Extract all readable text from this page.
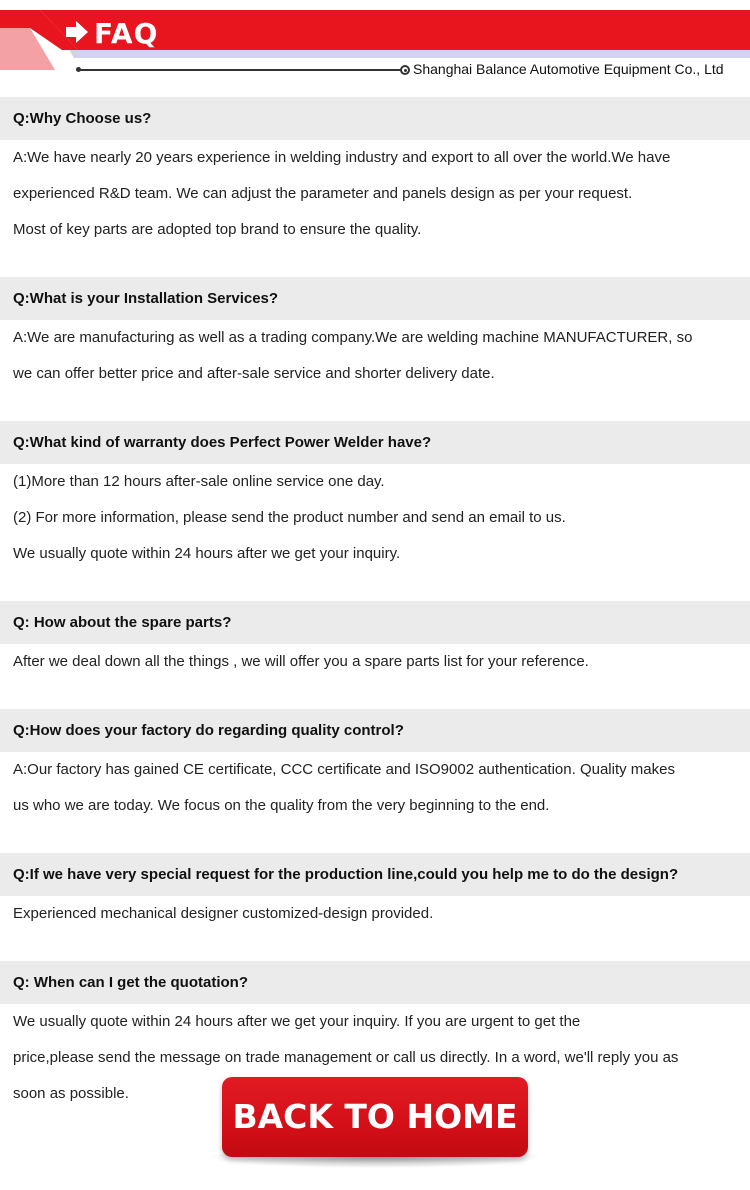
FAQ
Shanghai Balance Automotive Equipment Co., Ltd
Q:Why Choose us?

A:We have nearly 20 years experience in welding industry and export to all over the world.We have

experienced R&D team. We can adjust the parameter and panels design as per your request.

Most of key parts are adopted top brand to ensure the quality.

Q:What is your Installation Services?

A:We are manufacturing as well as a trading company.We are welding machine MANUFACTURER, so

we can offer better price and after-sale service and shorter delivery date.

Q:What kind of warranty does Perfect Power Welder have?

(1)More than 12 hours after-sale online service one day.

(2) For more information, please send the product number and send an email to us.

We usually quote within 24 hours after we get your inquiry.

Q: How about the spare parts?

After we deal down all the things , we will offer you a spare parts list for your reference.

Q:How does your factory do regarding quality control?

A:Our factory has gained CE certificate, CCC certificate and ISO9002 authentication. Quality makes

us who we are today. We focus on the quality from the very beginning to the end.

Q:If we have very special request for the production line,could you help me to do the design?

Experienced mechanical designer customized-design provided.

Q: When can I get the quotation?

We usually quote within 24 hours after we get your inquiry. If you are urgent to get the

price,please send the message on trade management or call us directly. In a word, we'll reply you as

soon as possible.

BACK TO HOME
